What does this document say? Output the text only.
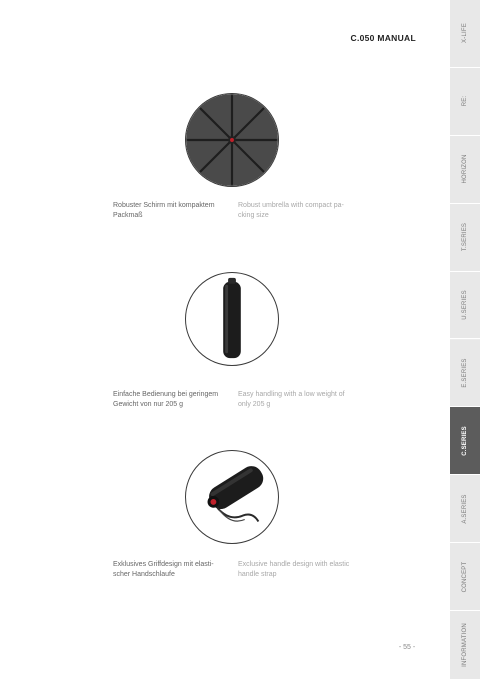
C.050 MANUAL
Robuster Schirm mit kompaktem
Packmaß
Robust umbrella with compact pa-
cking size
Einfache Bedienung bei geringem
Gewicht von nur 205 g
Easy handling with a low weight of
only 205 g
Exklusives Griffdesign mit elasti-
scher Handschlaufe
Exclusive handle design with elastic
handle strap
- 55 -
X-LIFE
RE:
HORIZON
T.SERIES
U.SERIES
E.SERIES
C.SERIES
A.SERIES
CONCEPT
INFORMATION
